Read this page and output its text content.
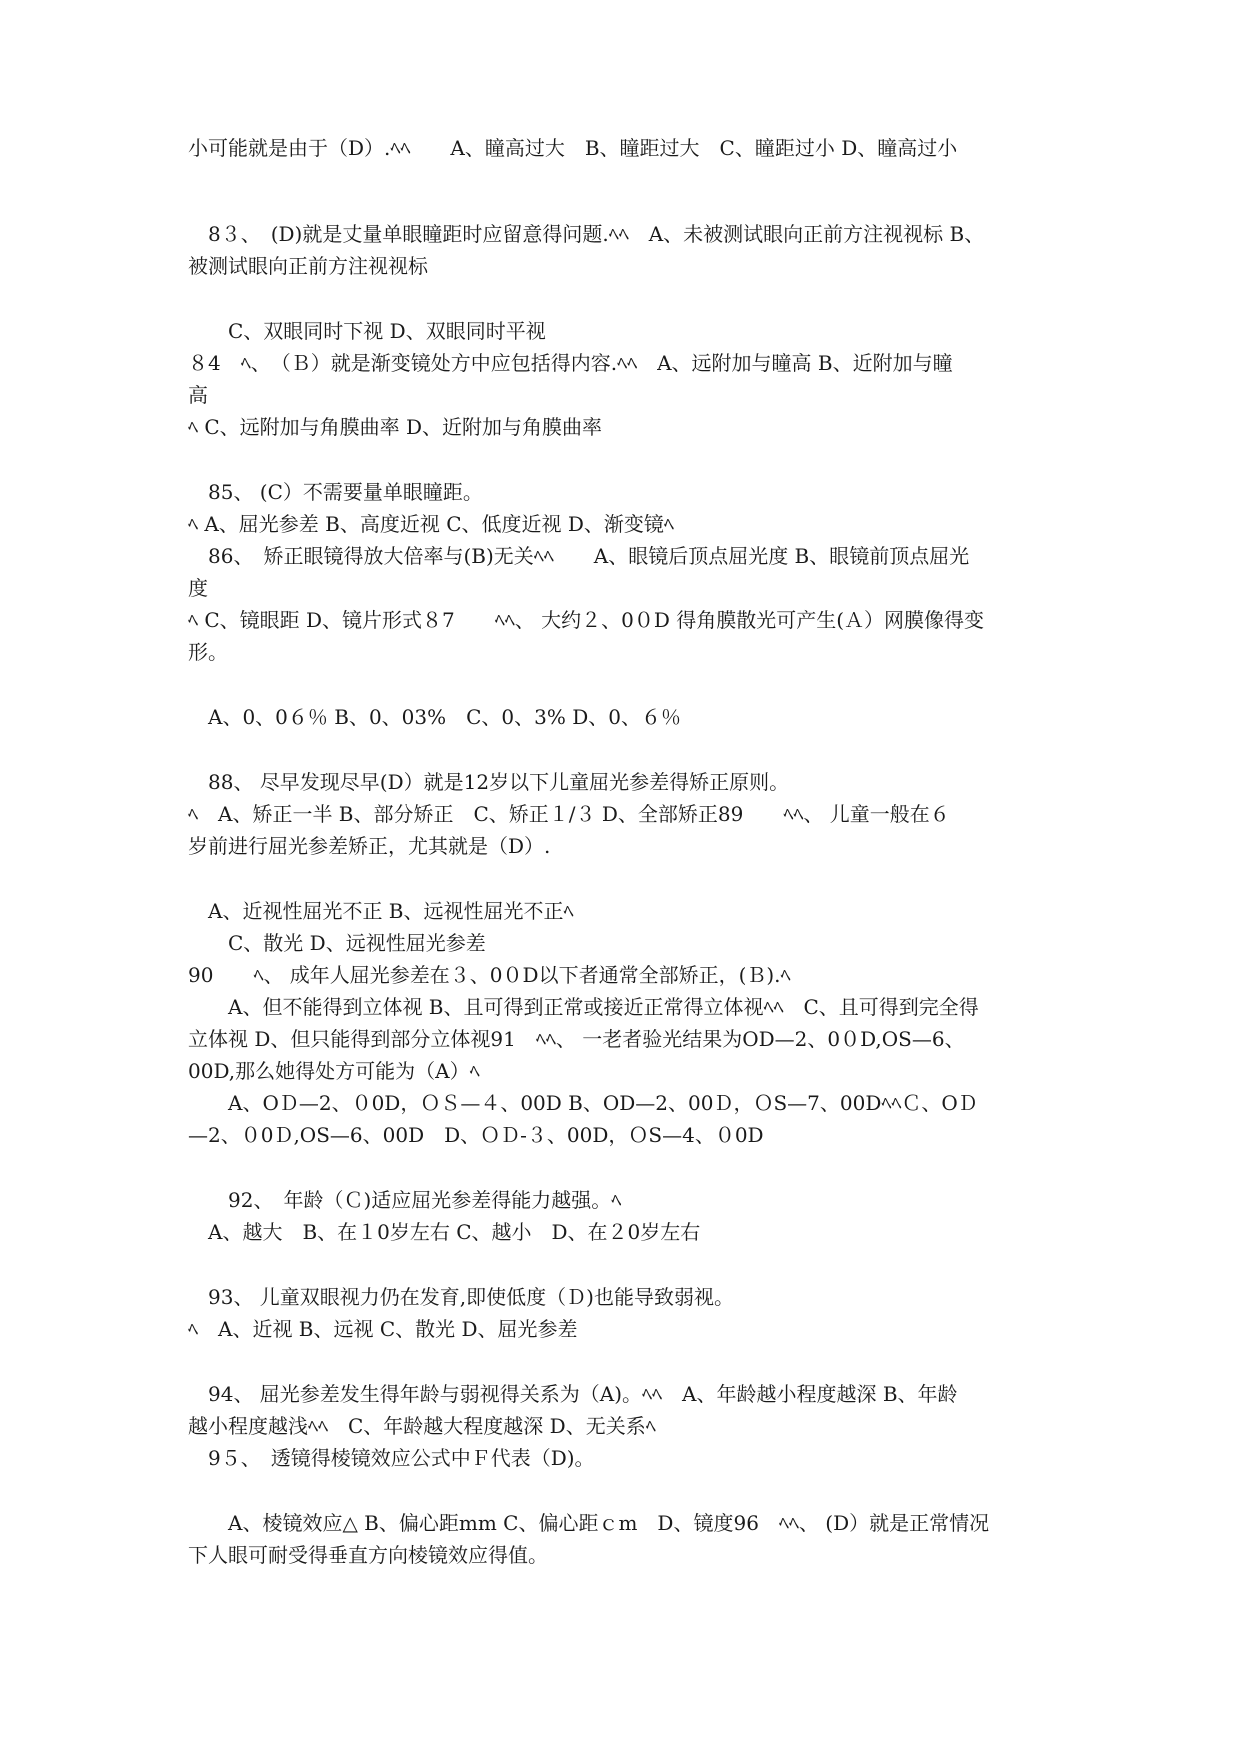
小可能就是由于（D）.ﾍﾍ　　A、瞳高过大　B、瞳距过大　C、瞳距过小 D、瞳高过小
　8３、　(D)就是丈量单眼瞳距时应留意得问题.ﾍﾍ　A、未被测试眼向正前方注视视标 B、
被测试眼向正前方注视视标
　　C、双眼同时下视 D、双眼同时平视
８4　ﾍ、　（Ｂ）就是渐变镜处方中应包括得内容.ﾍﾍ　A、远附加与瞳高 B、近附加与瞳
高
ﾍ C、远附加与角膜曲率 D、近附加与角膜曲率
　85、 (C）不需要量单眼瞳距。
ﾍ A、屈光参差 B、高度近视 C、低度近视 D、渐变镜ﾍ
　86、　矫正眼镜得放大倍率与(B)无关ﾍﾍ　　A、眼镜后顶点屈光度 B、眼镜前顶点屈光
度
ﾍ C、镜眼距 D、镜片形式８7　　ﾍﾍ、 大约２、0０D 得角膜散光可产生(Ａ）网膜像得变
形。
　A、0、0６％ B、0、03%　C、0、3% D、0、６％
　88、 尽早发现尽早(D）就是12岁以下儿童屈光参差得矫正原则。
ﾍ　A、矫正一半 B、部分矫正　C、矫正１/３ D、全部矫正89　　ﾍﾍ、 儿童一般在６
岁前进行屈光参差矫正，尤其就是（D）.
　A、近视性屈光不正 B、远视性屈光不正ﾍ
　　C、散光 D、远视性屈光参差
90　　ﾍ、 成年人屈光参差在３、0０D以下者通常全部矫正，(Ｂ).ﾍ
　　A、但不能得到立体视 B、且可得到正常或接近正常得立体视ﾍﾍ　C、且可得到完全得
立体视 D、但只能得到部分立体视91　ﾍﾍ、 一老者验光结果为OD—2、0０D,OS—6、
00D,那么她得处方可能为（A）ﾍ
　　A、OＤ—2、０0D，ＯＳ—４、00D B、OD—2、00Ｄ，ＯS—7、00DﾍﾍＣ、OＤ
—2、０0Ｄ,OS—6、00D　D、ＯＤ-３、00D，ＯS—4、０0D
　　92、　年龄（Ｃ)适应屈光参差得能力越强。ﾍ
　A、越大　B、在１0岁左右 C、越小　D、在２0岁左右
　93、 儿童双眼视力仍在发育,即使低度（Ｄ)也能导致弱视。
ﾍ　A、近视 B、远视 C、散光 D、屈光参差
　94、 屈光参差发生得年龄与弱视得关系为（A)。ﾍﾍ　A、年龄越小程度越深 B、年龄
越小程度越浅ﾍﾍ　C、年龄越大程度越深 D、无关系ﾍ
　9５、　透镜得棱镜效应公式中Ｆ代表（D)。
　　A、棱镜效应△ B、偏心距mm C、偏心距ｃm　D、镜度96　ﾍﾍ、 (D）就是正常情况
下人眼可耐受得垂直方向棱镜效应得值。
